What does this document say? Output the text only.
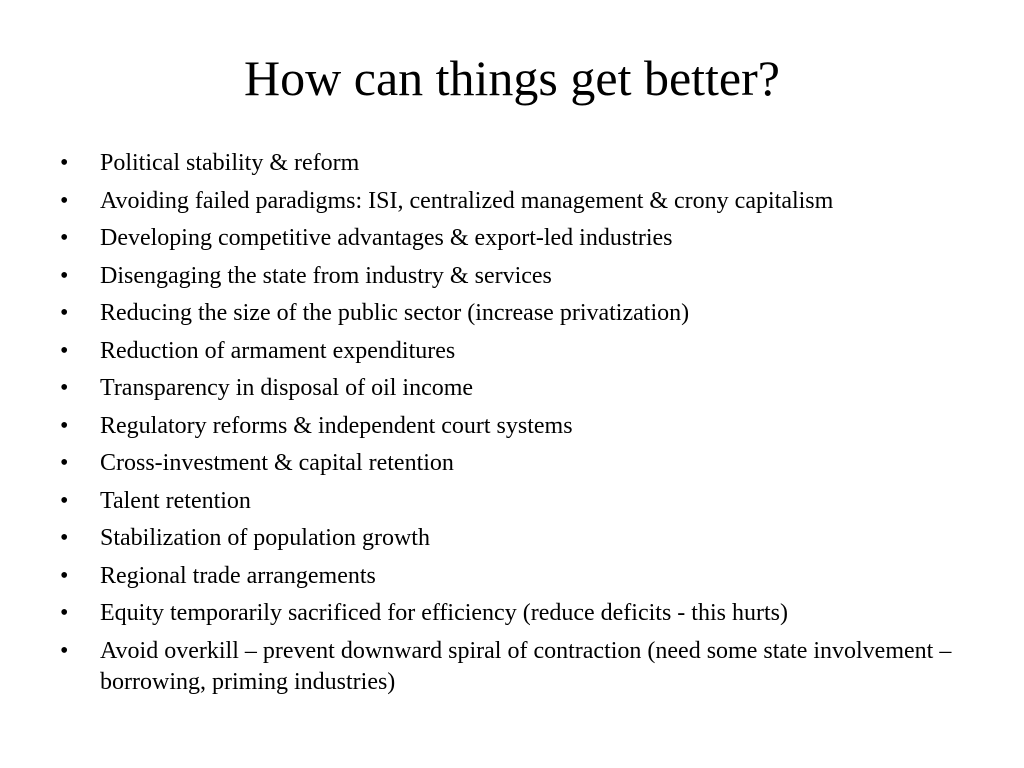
How can things get better?
•	Political stability & reform
•	Avoiding failed paradigms: ISI, centralized management & crony capitalism
•	Developing competitive advantages & export-led industries
•	Disengaging the state from industry & services
•	Reducing the size of the public sector (increase privatization)
•	Reduction of armament expenditures
•	Transparency in disposal of oil income
•	Regulatory reforms & independent court systems
•	Cross-investment & capital retention
•	Talent retention
•	Stabilization of population growth
•	Regional trade arrangements
•	Equity temporarily sacrificed for efficiency (reduce deficits - this hurts)
•	Avoid overkill – prevent downward spiral of contraction (need some state involvement – borrowing, priming industries)
